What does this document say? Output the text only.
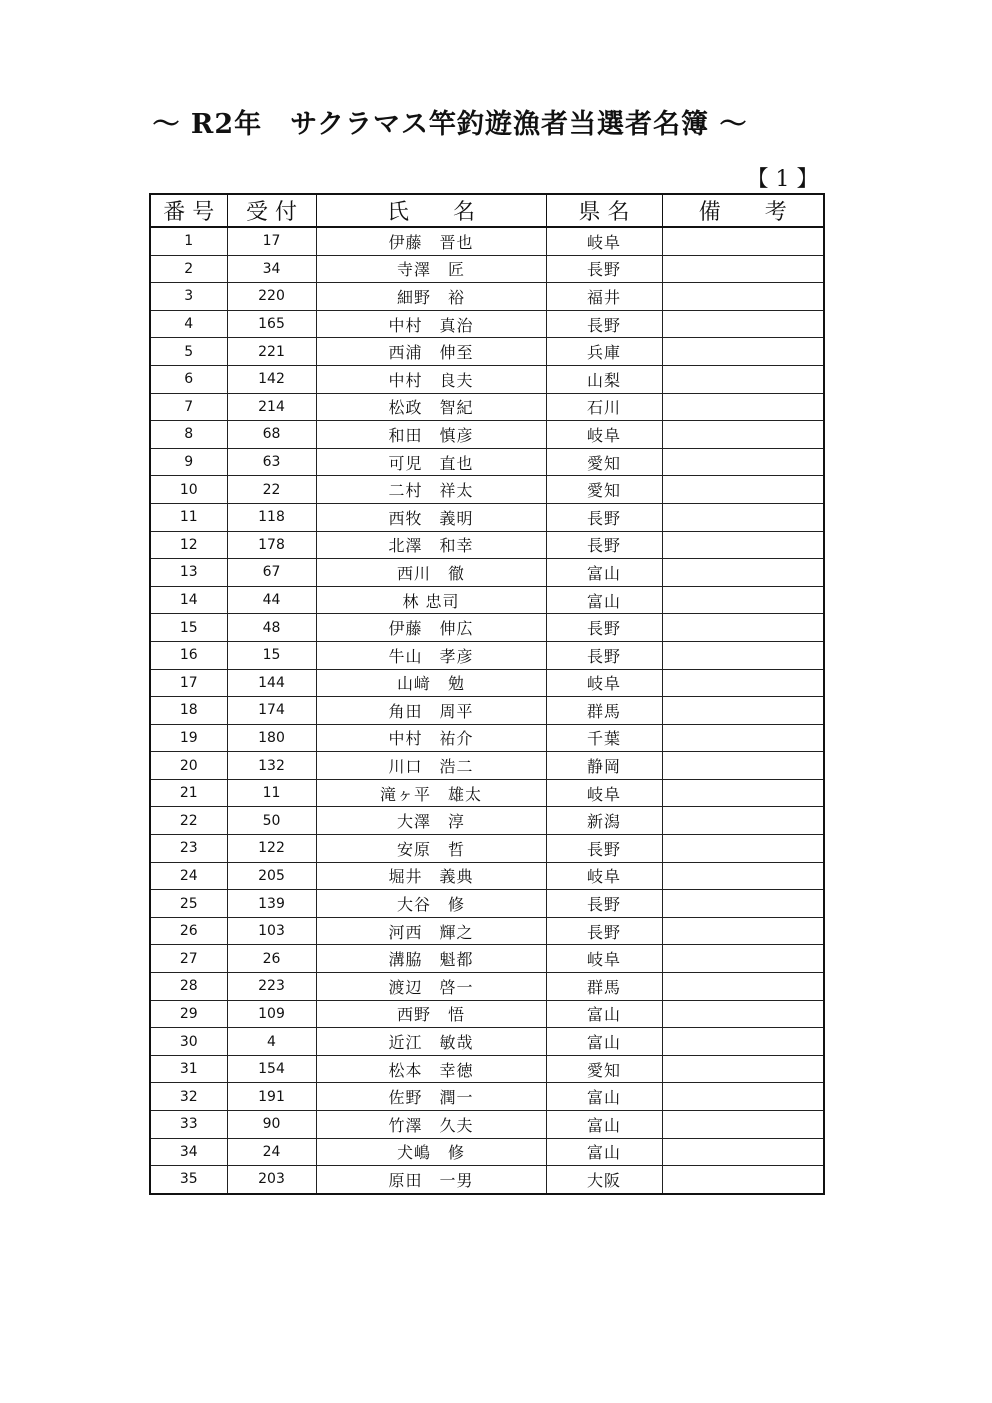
～ R2年　サクラマス竿釣遊漁者当選者名簿 ～
【 1 】
番 号	受 付	氏　　名	県 名	備　　考
1	17	伊藤　晋也	岐阜	
2	34	寺澤　匠	長野	
3	220	細野　裕	福井	
4	165	中村　真治	長野	
5	221	西浦　伸至	兵庫	
6	142	中村　良夫	山梨	
7	214	松政　智紀	石川	
8	68	和田　慎彦	岐阜	
9	63	可児　直也	愛知	
10	22	二村　祥太	愛知	
11	118	西牧　義明	長野	
12	178	北澤　和幸	長野	
13	67	西川　徹	富山	
14	44	林 忠司	富山	
15	48	伊藤　伸広	長野	
16	15	牛山　孝彦	長野	
17	144	山﨑　勉	岐阜	
18	174	角田　周平	群馬	
19	180	中村　祐介	千葉	
20	132	川口　浩二	静岡	
21	11	滝ヶ平　雄太	岐阜	
22	50	大澤　淳	新潟	
23	122	安原　哲	長野	
24	205	堀井　義典	岐阜	
25	139	大谷　修	長野	
26	103	河西　輝之	長野	
27	26	溝脇　魁都	岐阜	
28	223	渡辺　啓一	群馬	
29	109	西野　悟	富山	
30	4	近江　敏哉	富山	
31	154	松本　幸徳	愛知	
32	191	佐野　潤一	富山	
33	90	竹澤　久夫	富山	
34	24	犬嶋　修	富山	
35	203	原田　一男	大阪	
